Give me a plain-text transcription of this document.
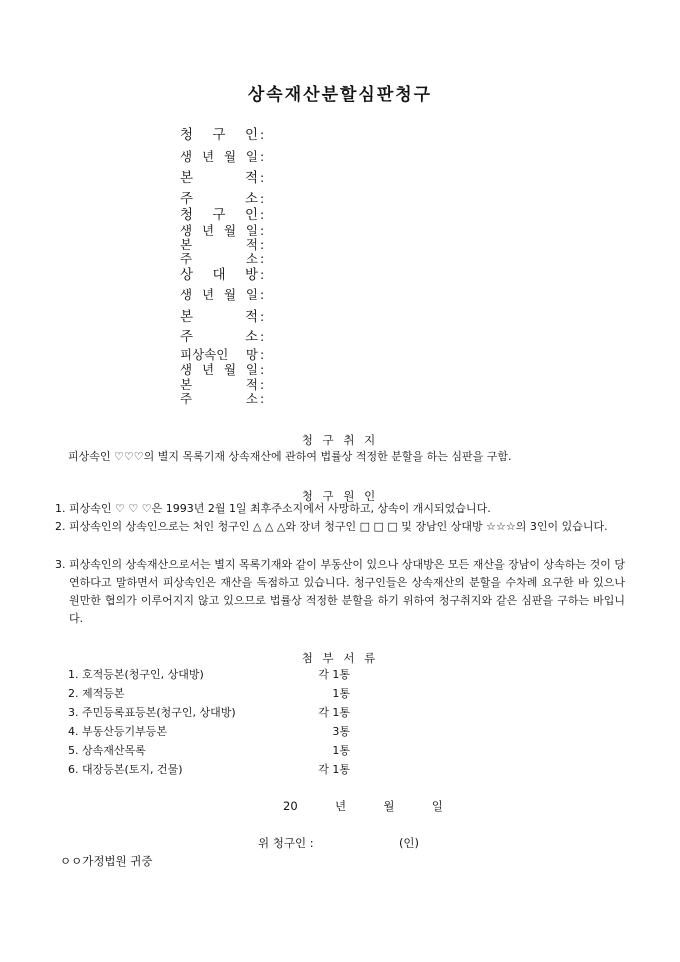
상속재산분할심판청구
청 구 인 :
생 년 월 일 :
본	적 :
주	소 :
청 구 인 :
생 년 월 일 :
본	적 :
주	소 :
상 대 방 :
생 년 월 일 :
본	적 :
주	소 :
피상속인 망 :
생 년 월 일 :
본	적 :
주	소 :
청 구 취 지
피상속인 ♡♡♡의 별지 목록기재 상속재산에 관하여 법률상 적정한 분할을 하는 심판을 구함.
청 구 원 인
1. 피상속인 ♡ ♡ ♡은 1993년 2월 1일 최후주소지에서 사망하고, 상속이 개시되었습니다.
2. 피상속인의 상속인으로는 처인 청구인 △ △ △와 장녀 청구인 □ □ □ 및 장남인 상대방 ☆☆☆의 3인이 있습니다.
3. 피상속인의 상속재산으로서는 별지 목록기재와 같이 부동산이 있으나 상대방은 모든 재산을 장남이 상속하는 것이 당연하다고 말하면서 피상속인은 재산을 독점하고 있습니다. 청구인들은 상속재산의 분할을 수차례 요구한 바 있으나 원만한 협의가 이루어지지 않고 있으므로 법률상 적정한 분할을 하기 위하여 청구취지와 같은 심판을 구하는 바입니다.
첨 부 서 류
1. 호적등본(청구인, 상대방)	각 1통
2. 제적등본	1통
3. 주민등록표등본(청구인, 상대방)	각 1통
4. 부동산등기부등본	3통
5. 상속재산목록	1통
6. 대장등본(토지, 건물)	각 1통
20	년	월	일
위 청구인 :	(인)
ㅇㅇ가정법원 귀중
